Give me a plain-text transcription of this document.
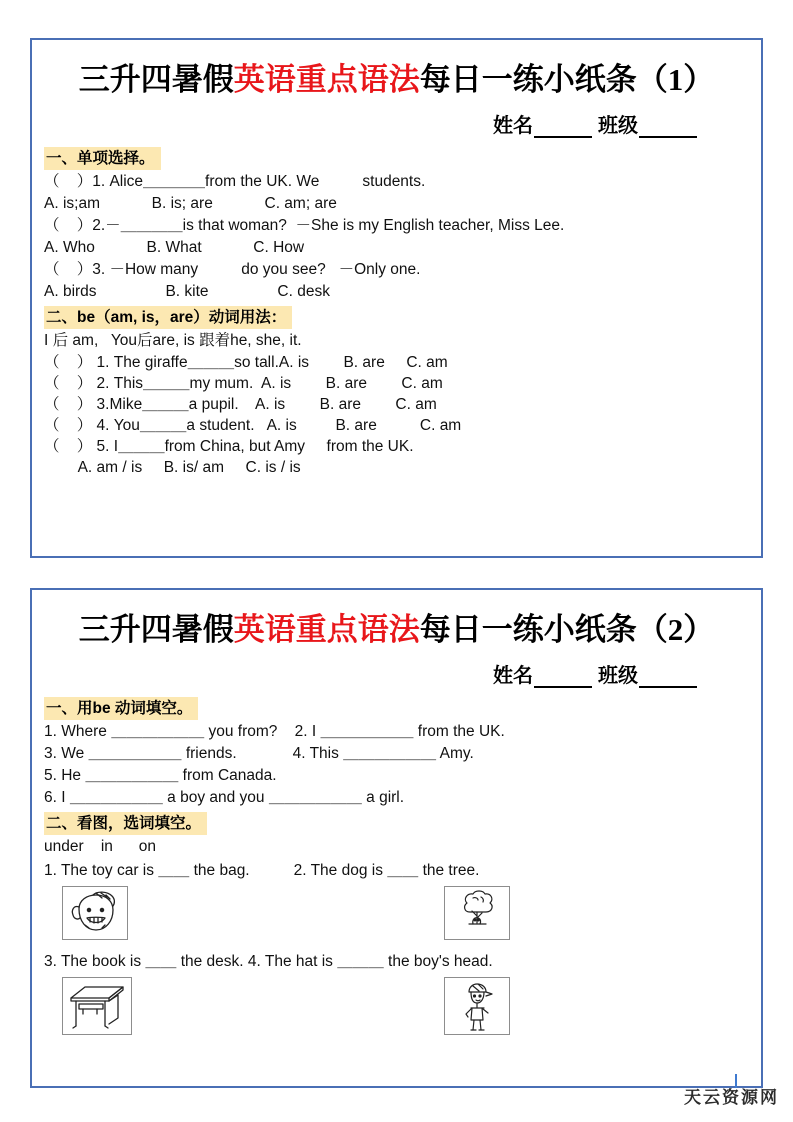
三升四暑假英语重点语法每日一练小纸条（1）
姓名	班级
一、单项选择。
（    ）1. Alice＿＿＿＿from the UK. We          students.
A. is;am            B. is; are            C. am; are
（    ）2.－＿＿＿＿is that woman?  －She is my English teacher, Miss Lee.
A. Who            B. What            C. How
（    ）3. －How many          do you see?   －Only one.
A. birds                B. kite                C. desk
二、be（am, is，are）动词用法：
I 后 am,   You后are, is 跟着he, she, it.
（    ） 1. The giraffe＿＿＿so tall.A. is        B. are     C. am
（    ） 2. This＿＿＿my mum.  A. is        B. are        C. am
（    ） 3.Mike＿＿＿a pupil.    A. is        B. are        C. am
（    ） 4. You＿＿＿a student.   A. is         B. are          C. am
（    ） 5. I＿＿＿from China, but Amy     from the UK.
A. am / is     B. is/ am     C. is / is
三升四暑假英语重点语法每日一练小纸条（2）
姓名	班级
一、用be 动词填空。
1. Where ＿＿＿＿＿＿ you from?    2. I ＿＿＿＿＿＿ from the UK.
3. We ＿＿＿＿＿＿ friends.             4. This ＿＿＿＿＿＿ Amy.
5. He ＿＿＿＿＿＿ from Canada.
6. I ＿＿＿＿＿＿ a boy and you ＿＿＿＿＿＿ a girl.
二、看图，选词填空。
under    in      on
1. The toy car is ＿＿ the bag.	2. The dog is ＿＿ the tree.
3. The book is ＿＿ the desk. 4. The hat is ＿＿＿ the boy's head.
天云资源网
